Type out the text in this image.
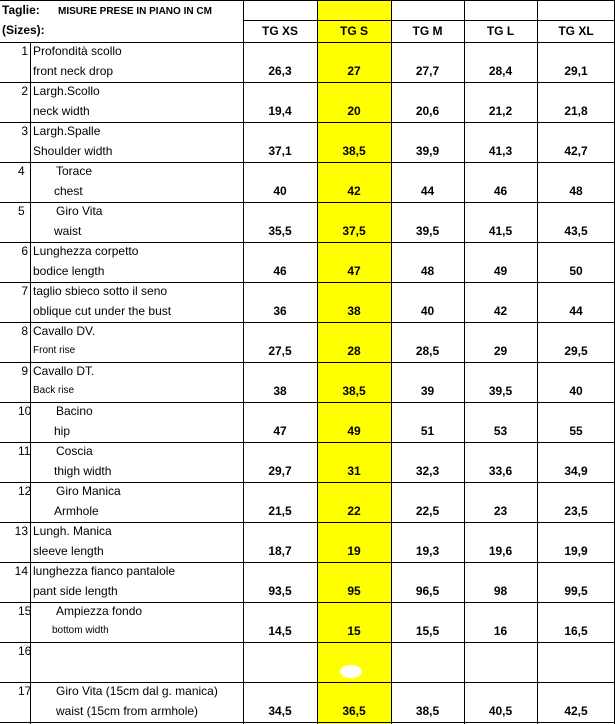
Taglie: MISURE PRESE IN PIANO IN CM
(Sizes):	TG XS	TG S	TG M	TG L	TG XL
1 Profondità scollo
front neck drop	26,3	27	27,7	28,4	29,1
2 Largh.Scollo
neck width	19,4	20	20,6	21,2	21,8
3 Largh.Spalle
Shoulder width	37,1	38,5	39,9	41,3	42,7
4	Torace
chest	40	42	44	46	48
5	Giro Vita
waist	35,5	37,5	39,5	41,5	43,5
6 Lunghezza corpetto
bodice length	46	47	48	49	50
7 taglio sbieco sotto il seno
oblique cut under the bust	36	38	40	42	44
8 Cavallo DV.
Front rise	27,5	28	28,5	29	29,5
9 Cavallo DT.
Back rise	38	38,5	39	39,5	40
10 Bacino
hip	47	49	51	53	55
11 Coscia
thigh width	29,7	31	32,3	33,6	34,9
12 Giro Manica
Armhole	21,5	22	22,5	23	23,5
13 Lungh. Manica
sleeve length	18,7	19	19,3	19,6	19,9
14 lunghezza fianco pantalole
pant side length	93,5	95	96,5	98	99,5
15 Ampiezza fondo
bottom width	14,5	15	15,5	16	16,5
16
17 Giro Vita (15cm dal g. manica)
waist (15cm from armhole)	34,5	36,5	38,5	40,5	42,5
